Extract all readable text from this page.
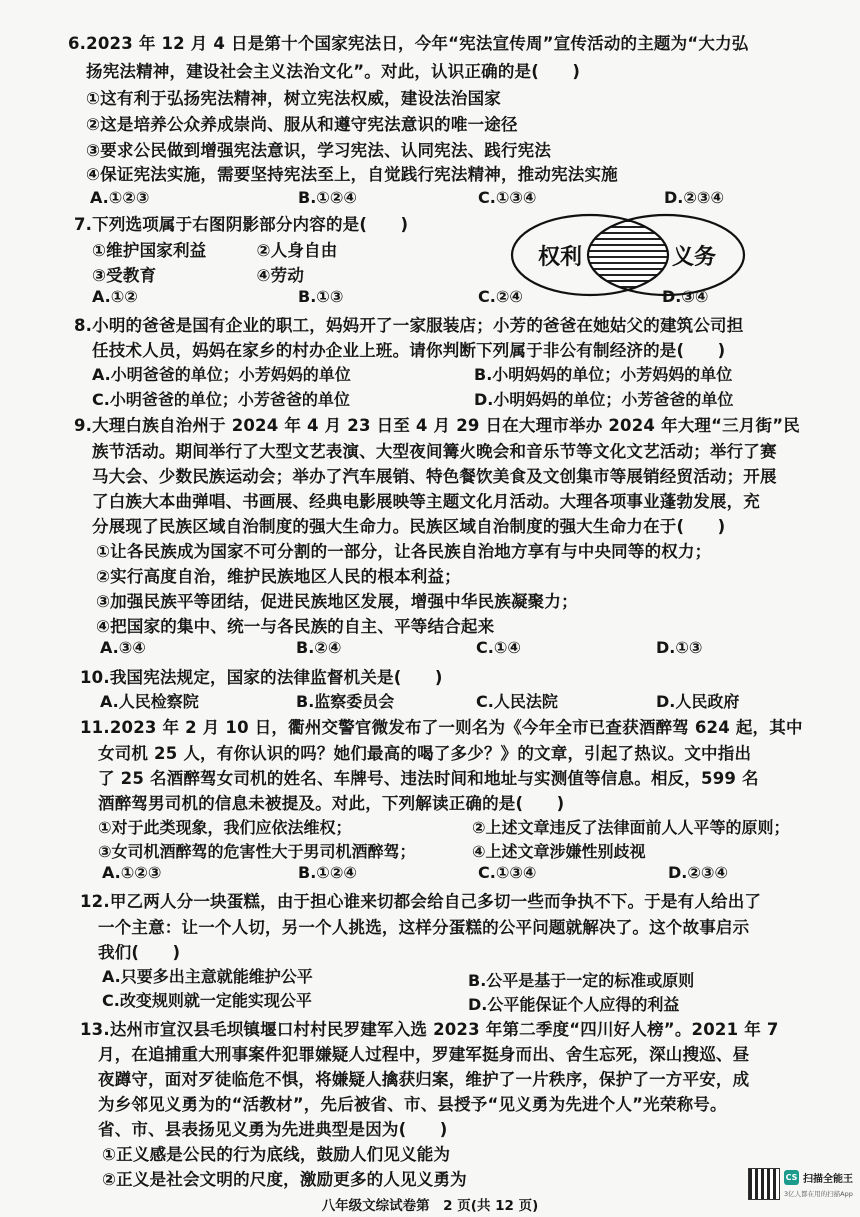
6.2023 年 12 月 4 日是第十个国家宪法日，今年“宪法宣传周”宣传活动的主题为“大力弘
扬宪法精神，建设社会主义法治文化”。对此，认识正确的是(　　)
①这有利于弘扬宪法精神，树立宪法权威，建设法治国家
②这是培养公众养成崇尚、服从和遵守宪法意识的唯一途径
③要求公民做到增强宪法意识，学习宪法、认同宪法、践行宪法
④保证宪法实施，需要坚持宪法至上，自觉践行宪法精神，推动宪法实施
A.①②③	B.①②④	C.①③④	D.②③④
7.下列选项属于右图阴影部分内容的是(　　)
①维护国家利益　　　②人身自由
③受教育　　　　　　④劳动
A.①②	B.①③	C.②④	D.③④
权利	义务
8.小明的爸爸是国有企业的职工，妈妈开了一家服装店；小芳的爸爸在她姑父的建筑公司担
任技术人员，妈妈在家乡的村办企业上班。请你判断下列属于非公有制经济的是(　　)
A.小明爸爸的单位；小芳妈妈的单位	B.小明妈妈的单位；小芳妈妈的单位
C.小明爸爸的单位；小芳爸爸的单位	D.小明妈妈的单位；小芳爸爸的单位
9.大理白族自治州于 2024 年 4 月 23 日至 4 月 29 日在大理市举办 2024 年大理“三月街”民
族节活动。期间举行了大型文艺表演、大型夜间篝火晚会和音乐节等文化文艺活动；举行了赛
马大会、少数民族运动会；举办了汽车展销、特色餐饮美食及文创集市等展销经贸活动；开展
了白族大本曲弹唱、书画展、经典电影展映等主题文化月活动。大理各项事业蓬勃发展，充
分展现了民族区域自治制度的强大生命力。民族区域自治制度的强大生命力在于(　　)
①让各民族成为国家不可分割的一部分，让各民族自治地方享有与中央同等的权力；
②实行高度自治，维护民族地区人民的根本利益；
③加强民族平等团结，促进民族地区发展，增强中华民族凝聚力；
④把国家的集中、统一与各民族的自主、平等结合起来
A.③④	B.②④	C.①④	D.①③
10.我国宪法规定，国家的法律监督机关是(　　)
A.人民检察院	B.监察委员会	C.人民法院	D.人民政府
11.2023 年 2 月 10 日，衢州交警官微发布了一则名为《今年全市已查获酒醉驾 624 起，其中
女司机 25 人，有你认识的吗？她们最高的喝了多少？》的文章，引起了热议。文中指出
了 25 名酒醉驾女司机的姓名、车牌号、违法时间和地址与实测值等信息。相反，599 名
酒醉驾男司机的信息未被提及。对此，下列解读正确的是(　　)
①对于此类现象，我们应依法维权；	②上述文章违反了法律面前人人平等的原则；
③女司机酒醉驾的危害性大于男司机酒醉驾；	④上述文章涉嫌性别歧视
A.①②③	B.①②④	C.①③④	D.②③④
12.甲乙两人分一块蛋糕，由于担心谁来切都会给自己多切一些而争执不下。于是有人给出了
一个主意：让一个人切，另一个人挑选，这样分蛋糕的公平问题就解决了。这个故事启示
我们(　　)
A.只要多出主意就能维护公平	B.公平是基于一定的标准或原则
C.改变规则就一定能实现公平	D.公平能保证个人应得的利益
13.达州市宣汉县毛坝镇堰口村村民罗建军入选 2023 年第二季度“四川好人榜”。2021 年 7
月，在追捕重大刑事案件犯罪嫌疑人过程中，罗建军挺身而出、舍生忘死，深山搜巡、昼
夜蹲守，面对歹徒临危不惧，将嫌疑人擒获归案，维护了一片秩序，保护了一方平安，成
为乡邻见义勇为的“活教材”，先后被省、市、县授予“见义勇为先进个人”光荣称号。
省、市、县表扬见义勇为先进典型是因为(　　)
①正义感是公民的行为底线，鼓励人们见义能为
②正义是社会文明的尺度，激励更多的人见义勇为
八年级文综试卷第　2 页(共 12 页)
CS 扫描全能王
3亿人都在用的扫描App
